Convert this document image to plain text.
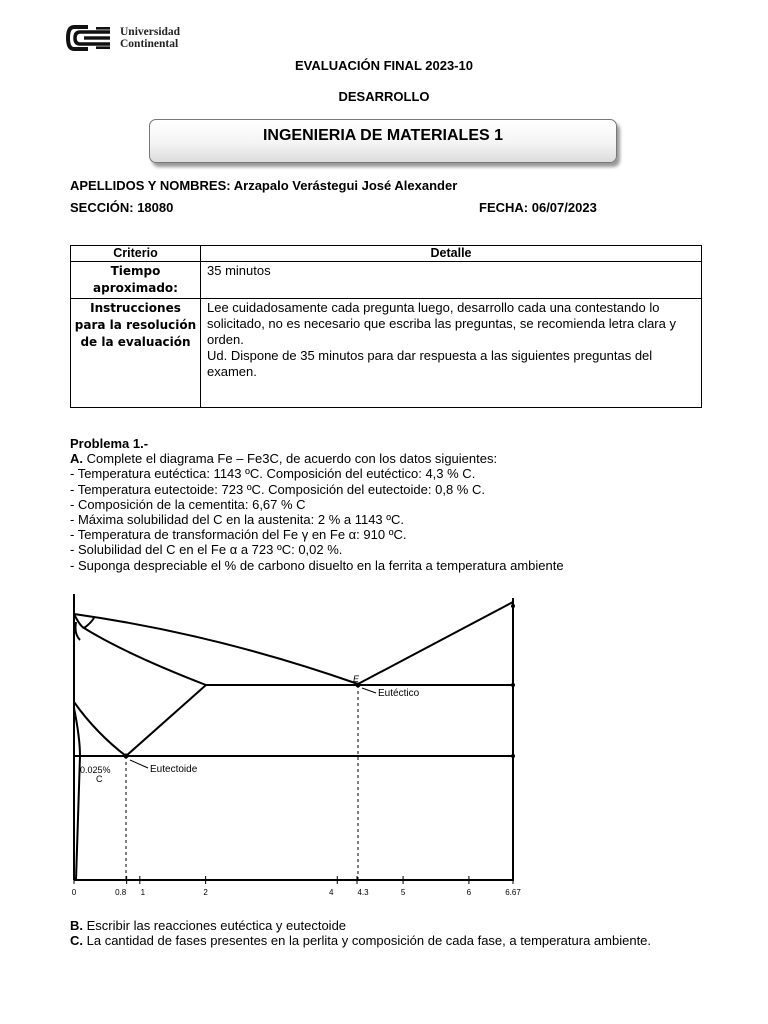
Universidad
Continental
EVALUACIÓN FINAL 2023-10
DESARROLLO
INGENIERIA DE MATERIALES 1
APELLIDOS Y NOMBRES: Arzapalo Verástegui José Alexander
SECCIÓN: 18080	FECHA: 06/07/2023
Criterio	Detalle
Tiempo aproximado:	35 minutos

Instrucciones para la resolución de la evaluación	Lee cuidadosamente cada pregunta luego, desarrollo cada una contestando lo solicitado, no es necesario que escriba las preguntas, se recomienda letra clara y orden.
Ud. Dispone de 35 minutos para dar respuesta a las siguientes preguntas del examen.
Problema 1.-
A. Complete el diagrama Fe – Fe3C, de acuerdo con los datos siguientes:
- Temperatura eutéctica: 1143 ºC. Composición del eutéctico: 4,3 % C.
- Temperatura eutectoide: 723 ºC. Composición del eutectoide: 0,8 % C.
- Composición de la cementita: 6,67 % C
- Máxima solubilidad del C en la austenita: 2 % a 1143 ºC.
- Temperatura de transformación del Fe γ en Fe α: 910 ºC.
- Solubilidad del C en el Fe α a 723 ºC: 0,02 %.
- Suponga despreciable el % de carbono disuelto en la ferrita a temperatura ambiente
E
Eutéctico
Eutectoide
0.025%
C
0	0.8 1	2	4	4.3	5	6	6.67
B. Escribir las reacciones eutéctica y eutectoide
C. La cantidad de fases presentes en la perlita y composición de cada fase, a temperatura ambiente.
